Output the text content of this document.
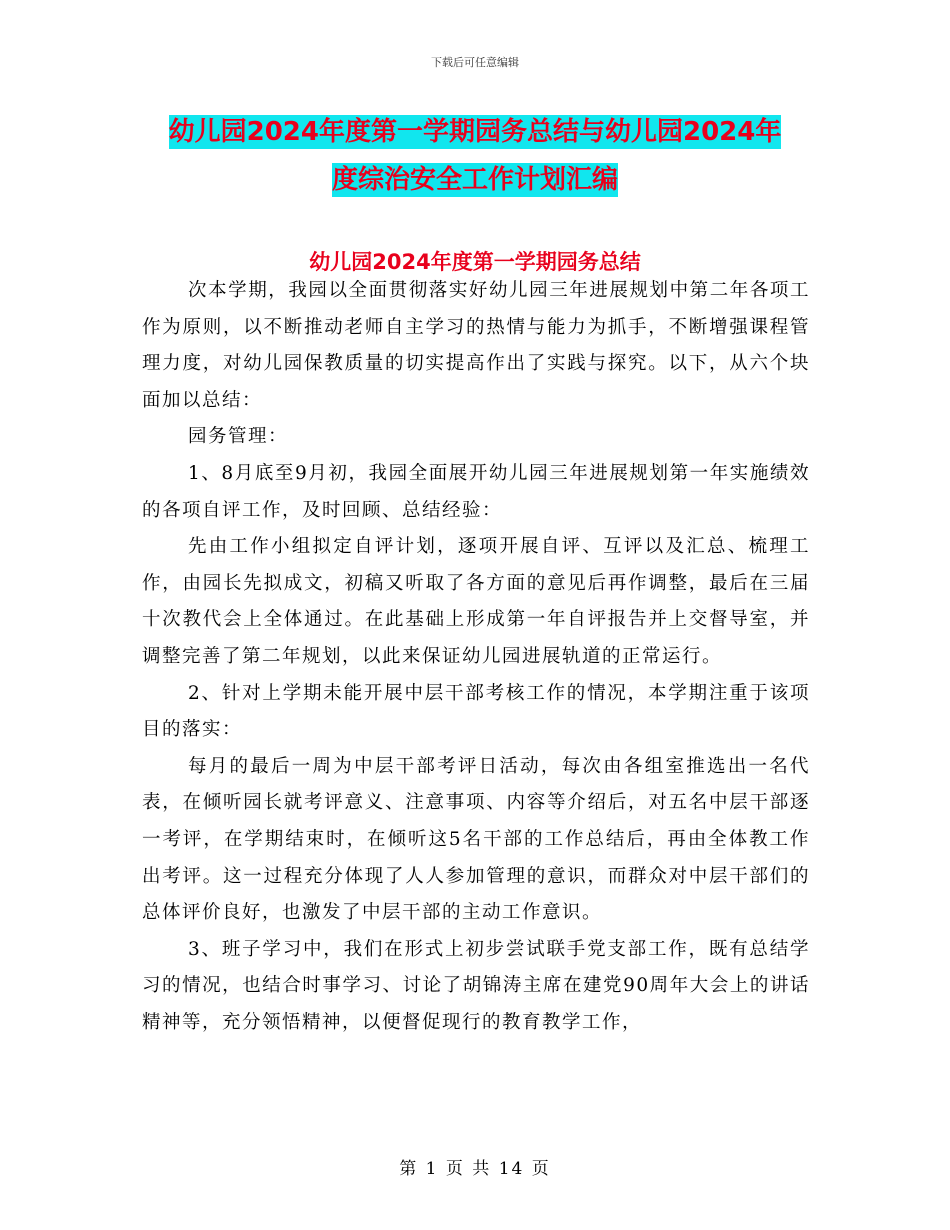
下载后可任意编辑
幼儿园2024年度第一学期园务总结与幼儿园2024年
度综治安全工作计划汇编
幼儿园2024年度第一学期园务总结

次本学期，我园以全面贯彻落实好幼儿园三年进展规划中第二年各项工作为原则，以不断推动老师自主学习的热情与能力为抓手，不断增强课程管理力度，对幼儿园保教质量的切实提高作出了实践与探究。以下，从六个块面加以总结：

园务管理：

1、8月底至9月初，我园全面展开幼儿园三年进展规划第一年实施绩效的各项自评工作，及时回顾、总结经验：

先由工作小组拟定自评计划，逐项开展自评、互评以及汇总、梳理工作，由园长先拟成文，初稿又听取了各方面的意见后再作调整，最后在三届十次教代会上全体通过。在此基础上形成第一年自评报告并上交督导室，并调整完善了第二年规划，以此来保证幼儿园进展轨道的正常运行。

2、针对上学期未能开展中层干部考核工作的情况，本学期注重于该项目的落实：

每月的最后一周为中层干部考评日活动，每次由各组室推选出一名代表，在倾听园长就考评意义、注意事项、内容等介绍后，对五名中层干部逐一考评，在学期结束时，在倾听这5名干部的工作总结后，再由全体教工作出考评。这一过程充分体现了人人参加管理的意识，而群众对中层干部们的总体评价良好，也激发了中层干部的主动工作意识。

3、班子学习中，我们在形式上初步尝试联手党支部工作，既有总结学习的情况，也结合时事学习、讨论了胡锦涛主席在建党90周年大会上的讲话精神等，充分领悟精神，以便督促现行的教育教学工作，

第 1 页 共 14 页
